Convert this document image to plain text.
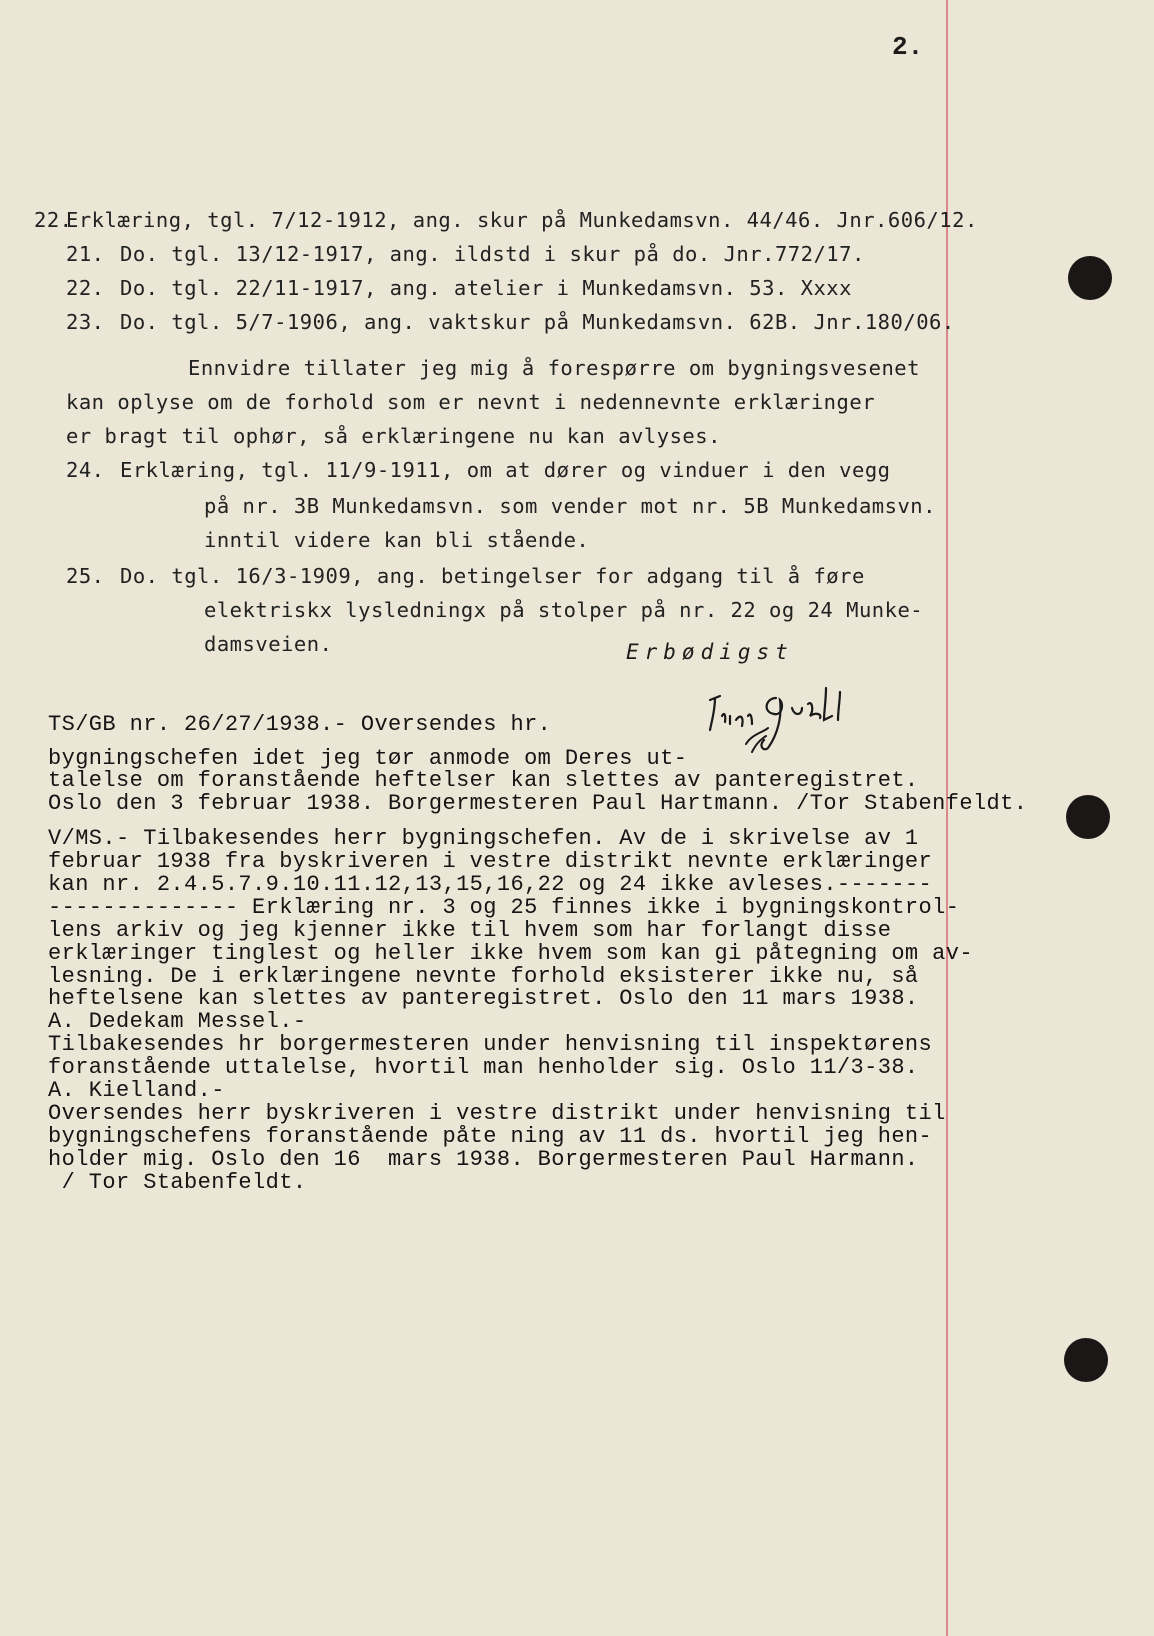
2.
22.
Erklæring, tgl. 7/12-1912, ang. skur på Munkedamsvn. 44/46. Jnr.606/12.
21. Do. tgl. 13/12-1917, ang. ildstd i skur på do. Jnr.772/17.
22. Do. tgl. 22/11-1917, ang. atelier i Munkedamsvn. 53. Xxxx
23. Do. tgl. 5/7-1906, ang. vaktskur på Munkedamsvn. 62B. Jnr.180/06.
Ennvidre tillater jeg mig å forespørre om bygningsvesenet
kan oplyse om de forhold som er nevnt i nedennevnte erklæringer
er bragt til ophør, så erklæringene nu kan avlyses.
24. Erklæring, tgl. 11/9-1911, om at dører og vinduer i den vegg
på nr. 3B Munkedamsvn. som vender mot nr. 5B Munkedamsvn.
inntil videre kan bli stående.
25. Do. tgl. 16/3-1909, ang. betingelser for adgang til å føre
elektriskx lysledningx på stolper på nr. 22 og 24 Munke-
damsveien.	Erbødigst
TS/GB nr. 26/27/1938.- Oversendes hr.
bygningschefen idet jeg tør anmode om Deres ut-
talelse om foranstående heftelser kan slettes av panteregistret.
Oslo den 3 februar 1938. Borgermesteren Paul Hartmann. /Tor Stabenfeldt.
V/MS.- Tilbakesendes herr bygningschefen. Av de i skrivelse av 1
februar 1938 fra byskriveren i vestre distrikt nevnte erklæringer
kan nr. 2.4.5.7.9.10.11.12,13,15,16,22 og 24 ikke avleses.-------
-------------- Erklæring nr. 3 og 25 finnes ikke i bygningskontrol-
lens arkiv og jeg kjenner ikke til hvem som har forlangt disse
erklæringer tinglest og heller ikke hvem som kan gi påtegning om av-
lesning. De i erklæringene nevnte forhold eksisterer ikke nu, så
heftelsene kan slettes av panteregistret. Oslo den 11 mars 1938.
A. Dedekam Messel.-
Tilbakesendes hr borgermesteren under henvisning til inspektørens
foranstående uttalelse, hvortil man henholder sig. Oslo 11/3-38.
A. Kielland.-
Oversendes herr byskriveren i vestre distrikt under henvisning til
bygningschefens foranstående påte ning av 11 ds. hvortil jeg hen-
holder mig. Oslo den 16  mars 1938. Borgermesteren Paul Harmann.
/ Tor Stabenfeldt.
